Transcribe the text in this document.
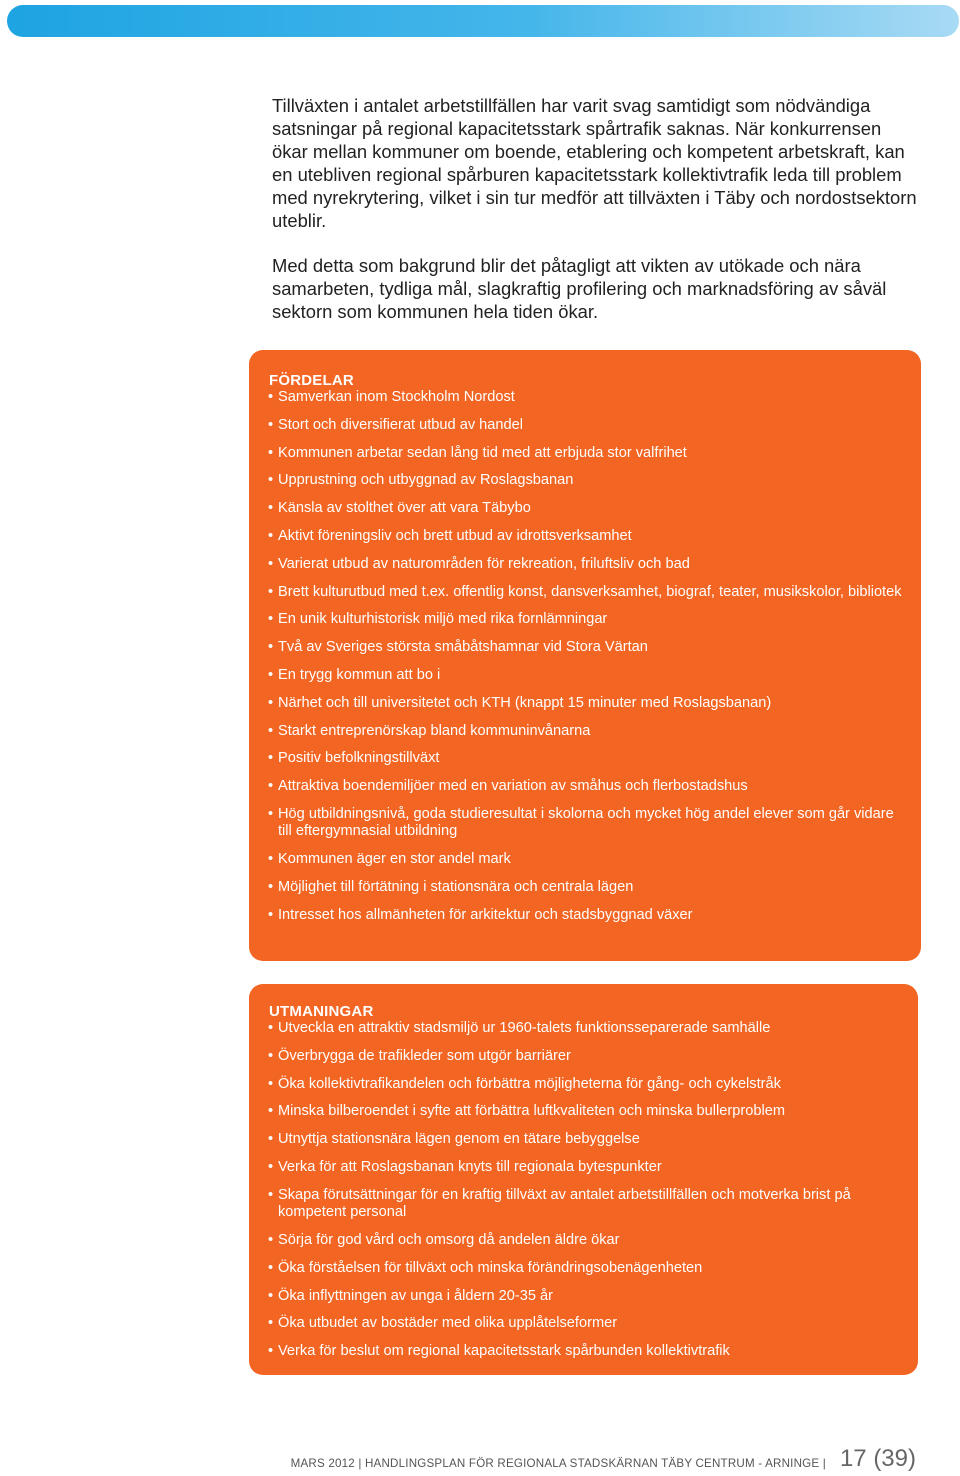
Tillväxten i antalet arbetstillfällen har varit svag samtidigt som nödvändiga satsningar på regional kapacitetsstark spårtrafik saknas. När konkurrensen ökar mellan kommuner om boende, etablering och kompetent arbetskraft, kan en utebliven regional spårburen kapacitetsstark kollektivtrafik leda till problem med nyrekrytering, vilket i sin tur medför att tillväxten i Täby och nordostsektorn uteblir.

Med detta som bakgrund blir det påtagligt att vikten av utökade och nära samarbeten, tydliga mål, slagkraftig profilering och marknadsföring av såväl sektorn som kommunen hela tiden ökar.

FÖRDELAR
• Samverkan inom Stockholm Nordost
• Stort och diversifierat utbud av handel
• Kommunen arbetar sedan lång tid med att erbjuda stor valfrihet
• Upprustning och utbyggnad av Roslagsbanan
• Känsla av stolthet över att vara Täbybo
• Aktivt föreningsliv och brett utbud av idrottsverksamhet
• Varierat utbud av naturområden för rekreation, friluftsliv och bad
• Brett kulturutbud med t.ex. offentlig konst, dansverksamhet, biograf, teater, musikskolor, bibliotek
• En unik kulturhistorisk miljö med rika fornlämningar
• Två av Sveriges största småbåtshamnar vid Stora Värtan
• En trygg kommun att bo i
• Närhet och till universitetet och KTH (knappt 15 minuter med Roslagsbanan)
• Starkt entreprenörskap bland kommuninvånarna
• Positiv befolkningstillväxt
• Attraktiva boendemiljöer med en variation av småhus och flerbostadshus
• Hög utbildningsnivå, goda studieresultat i skolorna och mycket hög andel elever som går vidare till eftergymnasial utbildning
• Kommunen äger en stor andel mark
• Möjlighet till förtätning i stationsnära och centrala lägen
• Intresset hos allmänheten för arkitektur och stadsbyggnad växer
UTMANINGAR
• Utveckla en attraktiv stadsmiljö ur 1960-talets funktionsseparerade samhälle
• Överbrygga de trafikleder som utgör barriärer
• Öka kollektivtrafikandelen och förbättra möjligheterna för gång- och cykelstråk
• Minska bilberoendet i syfte att förbättra luftkvaliteten och minska bullerproblem
• Utnyttja stationsnära lägen genom en tätare bebyggelse
• Verka för att Roslagsbanan knyts till regionala bytespunkter
• Skapa förutsättningar för en kraftig tillväxt av antalet arbetstillfällen och motverka brist på kompetent personal
• Sörja för god vård och omsorg då andelen äldre ökar
• Öka förståelsen för tillväxt och minska förändringsobenägenheten
• Öka inflyttningen av unga i åldern 20-35 år
• Öka utbudet av bostäder med olika upplåtelseformer
• Verka för beslut om regional kapacitetsstark spårbunden kollektivtrafik
MARS 2012 | HANDLINGSPLAN FÖR REGIONALA STADSKÄRNAN TÄBY CENTRUM - ARNINGE | 17 (39)
